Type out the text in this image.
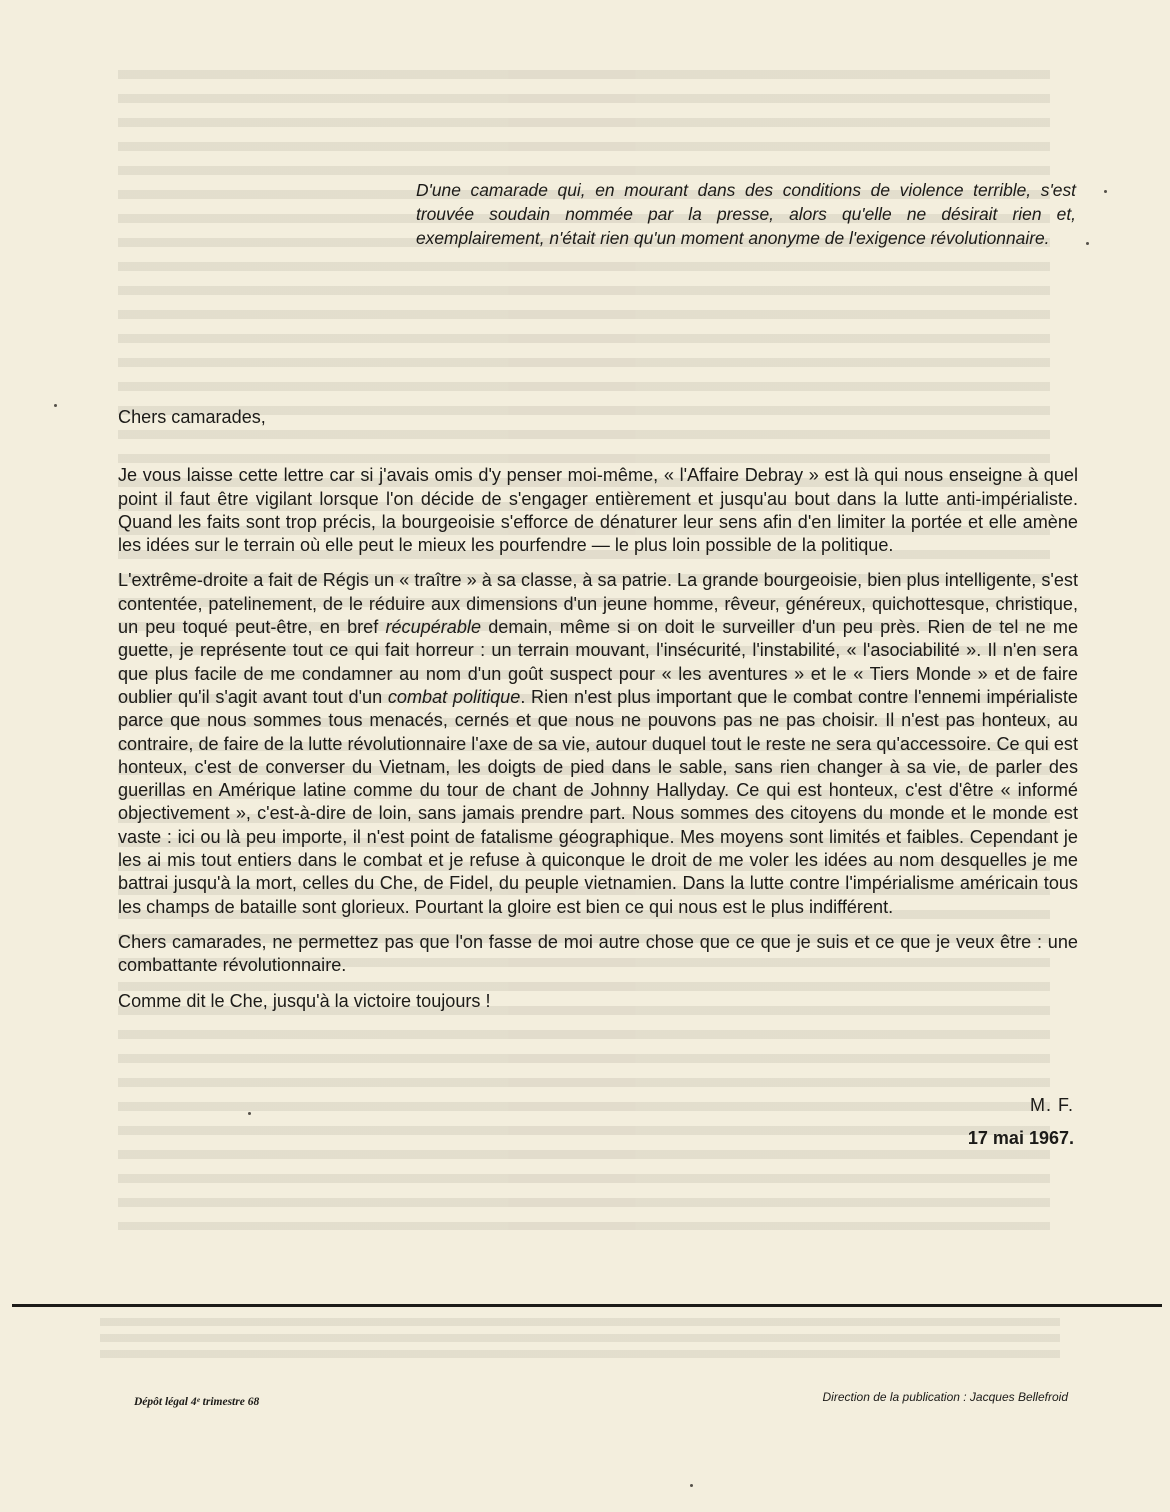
D'une camarade qui, en mourant dans des conditions de violence terrible, s'est trouvée soudain nommée par la presse, alors qu'elle ne désirait rien et, exemplairement, n'était rien qu'un moment anonyme de l'exigence révolutionnaire.

Chers camarades,

Je vous laisse cette lettre car si j'avais omis d'y penser moi-même, « l'Affaire Debray » est là qui nous enseigne à quel point il faut être vigilant lorsque l'on décide de s'engager entièrement et jusqu'au bout dans la lutte anti-impérialiste. Quand les faits sont trop précis, la bourgeoisie s'efforce de dénaturer leur sens afin d'en limiter la portée et elle amène les idées sur le terrain où elle peut le mieux les pourfendre — le plus loin possible de la politique.

L'extrême-droite a fait de Régis un « traître » à sa classe, à sa patrie. La grande bourgeoisie, bien plus intelligente, s'est contentée, patelinement, de le réduire aux dimensions d'un jeune homme, rêveur, généreux, quichottesque, christique, un peu toqué peut-être, en bref récupérable demain, même si on doit le surveiller d'un peu près. Rien de tel ne me guette, je représente tout ce qui fait horreur : un terrain mouvant, l'insécurité, l'instabilité, « l'asociabilité ». Il n'en sera que plus facile de me condamner au nom d'un goût suspect pour « les aventures » et le « Tiers Monde » et de faire oublier qu'il s'agit avant tout d'un combat politique. Rien n'est plus important que le combat contre l'ennemi impérialiste parce que nous sommes tous menacés, cernés et que nous ne pouvons pas ne pas choisir. Il n'est pas honteux, au contraire, de faire de la lutte révolutionnaire l'axe de sa vie, autour duquel tout le reste ne sera qu'accessoire. Ce qui est honteux, c'est de converser du Vietnam, les doigts de pied dans le sable, sans rien changer à sa vie, de parler des guerillas en Amérique latine comme du tour de chant de Johnny Hallyday. Ce qui est honteux, c'est d'être « informé objectivement », c'est-à-dire de loin, sans jamais prendre part. Nous sommes des citoyens du monde et le monde est vaste : ici ou là peu importe, il n'est point de fatalisme géographique. Mes moyens sont limités et faibles. Cependant je les ai mis tout entiers dans le combat et je refuse à quiconque le droit de me voler les idées au nom desquelles je me battrai jusqu'à la mort, celles du Che, de Fidel, du peuple vietnamien. Dans la lutte contre l'impérialisme américain tous les champs de bataille sont glorieux. Pourtant la gloire est bien ce qui nous est le plus indifférent.

Chers camarades, ne permettez pas que l'on fasse de moi autre chose que ce que je suis et ce que je veux être : une combattante révolutionnaire.

Comme dit le Che, jusqu'à la victoire toujours !

M. F.
17 mai 1967.
Dépôt légal 4ᵉ trimestre 68	Direction de la publication : Jacques Bellefroid
